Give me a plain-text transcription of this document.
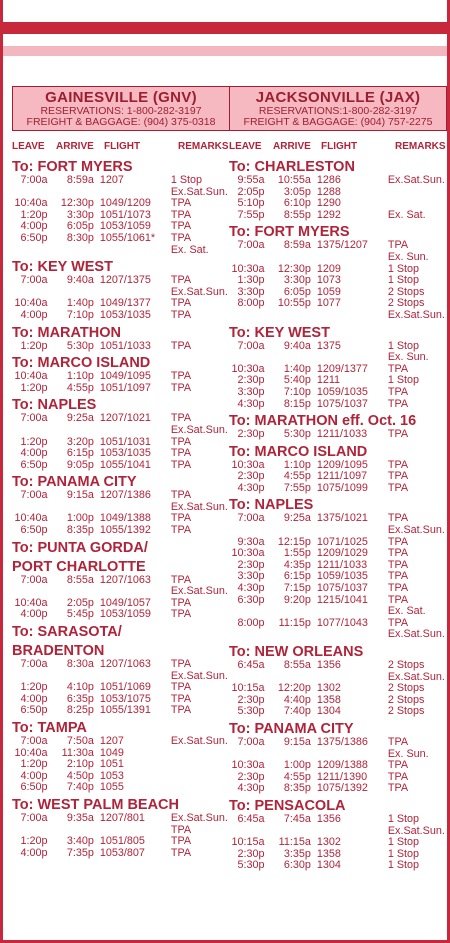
GAINESVILLE (GNV)
RESERVATIONS: 1-800-282-3197
FREIGHT & BAGGAGE: (904) 375-0318
LEAVE	ARRIVE	FLIGHT	REMARKS
To: FORT MYERS
7:00a	8:59a 1207	1 Stop
Ex.Sat.Sun.
10:40a	12:30p 1049/1209	TPA
1:20p	3:30p 1051/1073	TPA
4:00p	6:05p 1053/1059	TPA
6:50p	8:30p 1055/1061*	TPA
Ex. Sat.
To: KEY WEST
7:00a	9:40a 1207/1375	TPA
Ex.Sat.Sun.
10:40a	1:40p 1049/1377	TPA
4:00p	7:10p 1053/1035	TPA
To: MARATHON
1:20p	5:30p 1051/1033	TPA
To: MARCO ISLAND
10:40a	1:10p 1049/1095	TPA
1:20p	4:55p 1051/1097	TPA
To: NAPLES
7:00a	9:25a 1207/1021	TPA
Ex.Sat.Sun.
1:20p	3:20p 1051/1031	TPA
4:00p	6:15p 1053/1035	TPA
6:50p	9:05p 1055/1041	TPA
To: PANAMA CITY
7:00a	9:15a 1207/1386	TPA
Ex.Sat.Sun.
10:40a	1:00p 1049/1388	TPA
6:50p	8:35p 1055/1392	TPA
To: PUNTA GORDA/
PORT CHARLOTTE
7:00a	8:55a 1207/1063	TPA
Ex.Sat.Sun.
10:40a	2:05p 1049/1057	TPA
4:00p	5:45p 1053/1059	TPA
To: SARASOTA/
BRADENTON
7:00a	8:30a 1207/1063	TPA
Ex.Sat.Sun.
1:20p	4:10p 1051/1069	TPA
4:00p	6:35p 1053/1075	TPA
6:50p	8:25p 1055/1391	TPA
To: TAMPA
7:00a	7:50a 1207	Ex.Sat.Sun.
10:40a	11:30a 1049
1:20p	2:10p 1051
4:00p	4:50p 1053
6:50p	7:40p 1055
To: WEST PALM BEACH
7:00a	9:35a 1207/801	Ex.Sat.Sun.
TPA
1:20p	3:40p 1051/805	TPA
4:00p	7:35p 1053/807	TPA
JACKSONVILLE (JAX)
RESERVATIONS:1-800-282-3197
FREIGHT & BAGGAGE: (904) 757-2275
LEAVE	ARRIVE	FLIGHT	REMARKS
To: CHARLESTON
9:55a	10:55a 1286	Ex.Sat.Sun.
2:05p	3:05p 1288
5:10p	6:10p 1290
7:55p	8:55p 1292	Ex. Sat.
To: FORT MYERS
7:00a	8:59a 1375/1207	TPA
Ex. Sun.
10:30a	12:30p 1209	1 Stop
1:30p	3:30p 1073	1 Stop
3:30p	6:05p 1059	2 Stops
8:00p	10:55p 1077	2 Stops
Ex.Sat.Sun.
To: KEY WEST
7:00a	9:40a 1375	1 Stop
Ex. Sun.
10:30a	1:40p 1209/1377	TPA
2:30p	5:40p 1211	1 Stop
3:30p	7:10p 1059/1035	TPA
4:30p	8:15p 1075/1037	TPA
To: MARATHON eff. Oct. 16
2:30p	5:30p 1211/1033	TPA
To: MARCO ISLAND
10:30a	1:10p 1209/1095	TPA
2:30p	4:55p 1211/1097	TPA
4:30p	7:55p 1075/1099	TPA
To: NAPLES
7:00a	9:25a 1375/1021	TPA
Ex.Sat.Sun.
9:30a	12:15p 1071/1025	TPA
10:30a	1:55p 1209/1029	TPA
2:30p	4:35p 1211/1033	TPA
3:30p	6:15p 1059/1035	TPA
4:30p	7:15p 1075/1037	TPA
6:30p	9:20p 1215/1041	TPA
Ex. Sat.
8:00p	11:15p 1077/1043	TPA
Ex.Sat.Sun.
To: NEW ORLEANS
6:45a	8:55a 1356	2 Stops
Ex.Sat.Sun.
10:15a	12:20p 1302	2 Stops
2:30p	4:40p 1358	2 Stops
5:30p	7:40p 1304	2 Stops
To: PANAMA CITY
7:00a	9:15a 1375/1386	TPA
Ex. Sun.
10:30a	1:00p 1209/1388	TPA
2:30p	4:55p 1211/1390	TPA
4:30p	8:35p 1075/1392	TPA
To: PENSACOLA
6:45a	7:45a 1356	1 Stop
Ex.Sat.Sun.
10:15a	11:15a 1302	1 Stop
2:30p	3:35p 1358	1 Stop
5:30p	6:30p 1304	1 Stop
